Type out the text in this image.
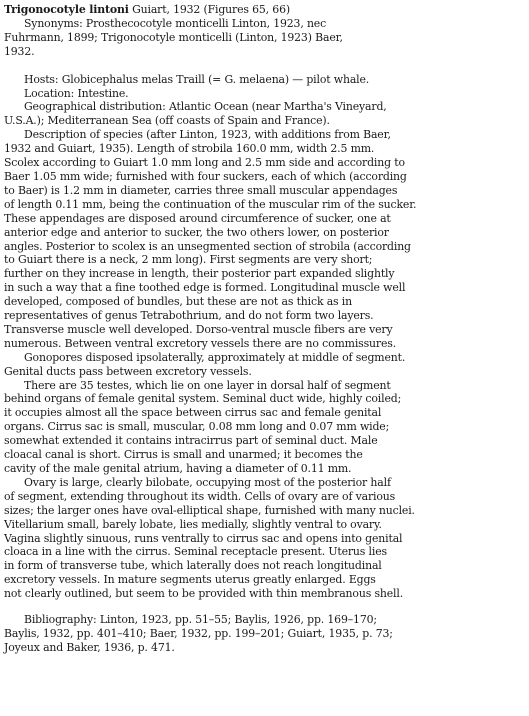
Trigonocotyle lintoni Guiart, 1932 (Figures 65, 66)
Synonyms: Prosthecocotyle monticelli Linton, 1923, nec
Fuhrmann, 1899; Trigonocotyle monticelli (Linton, 1923) Baer,
1932.
Hosts: Globicephalus melas Traill (= G. melaena) — pilot whale.
Location: Intestine.
Geographical distribution: Atlantic Ocean (near Martha's Vineyard,
U.S.A.); Mediterranean Sea (off coasts of Spain and France).
Description of species (after Linton, 1923, with additions from Baer,
1932 and Guiart, 1935). Length of strobila 160.0 mm, width 2.5 mm.
Scolex according to Guiart 1.0 mm long and 2.5 mm side and according to
Baer 1.05 mm wide; furnished with four suckers, each of which (according
to Baer) is 1.2 mm in diameter, carries three small muscular appendages
of length 0.11 mm, being the continuation of the muscular rim of the sucker.
These appendages are disposed around circumference of sucker, one at
anterior edge and anterior to sucker, the two others lower, on posterior
angles. Posterior to scolex is an unsegmented section of strobila (according
to Guiart there is a neck, 2 mm long). First segments are very short;
further on they increase in length, their posterior part expanded slightly
in such a way that a fine toothed edge is formed. Longitudinal muscle well
developed, composed of bundles, but these are not as thick as in
representatives of genus Tetrabothrium, and do not form two layers.
Transverse muscle well developed. Dorso-ventral muscle fibers are very
numerous. Between ventral excretory vessels there are no commissures.
Gonopores disposed ipsolaterally, approximately at middle of segment.
Genital ducts pass between excretory vessels.
There are 35 testes, which lie on one layer in dorsal half of segment
behind organs of female genital system. Seminal duct wide, highly coiled;
it occupies almost all the space between cirrus sac and female genital
organs. Cirrus sac is small, muscular, 0.08 mm long and 0.07 mm wide;
somewhat extended it contains intracirrus part of seminal duct. Male
cloacal canal is short. Cirrus is small and unarmed; it becomes the
cavity of the male genital atrium, having a diameter of 0.11 mm.
Ovary is large, clearly bilobate, occupying most of the posterior half
of segment, extending throughout its width. Cells of ovary are of various
sizes; the larger ones have oval-elliptical shape, furnished with many nuclei.
Vitellarium small, barely lobate, lies medially, slightly ventral to ovary.
Vagina slightly sinuous, runs ventrally to cirrus sac and opens into genital
cloaca in a line with the cirrus. Seminal receptacle present. Uterus lies
in form of transverse tube, which laterally does not reach longitudinal
excretory vessels. In mature segments uterus greatly enlarged. Eggs
not clearly outlined, but seem to be provided with thin membranous shell.
Bibliography: Linton, 1923, pp. 51–55; Baylis, 1926, pp. 169–170;
Baylis, 1932, pp. 401–410; Baer, 1932, pp. 199–201; Guiart, 1935, p. 73;
Joyeux and Baker, 1936, p. 471.
